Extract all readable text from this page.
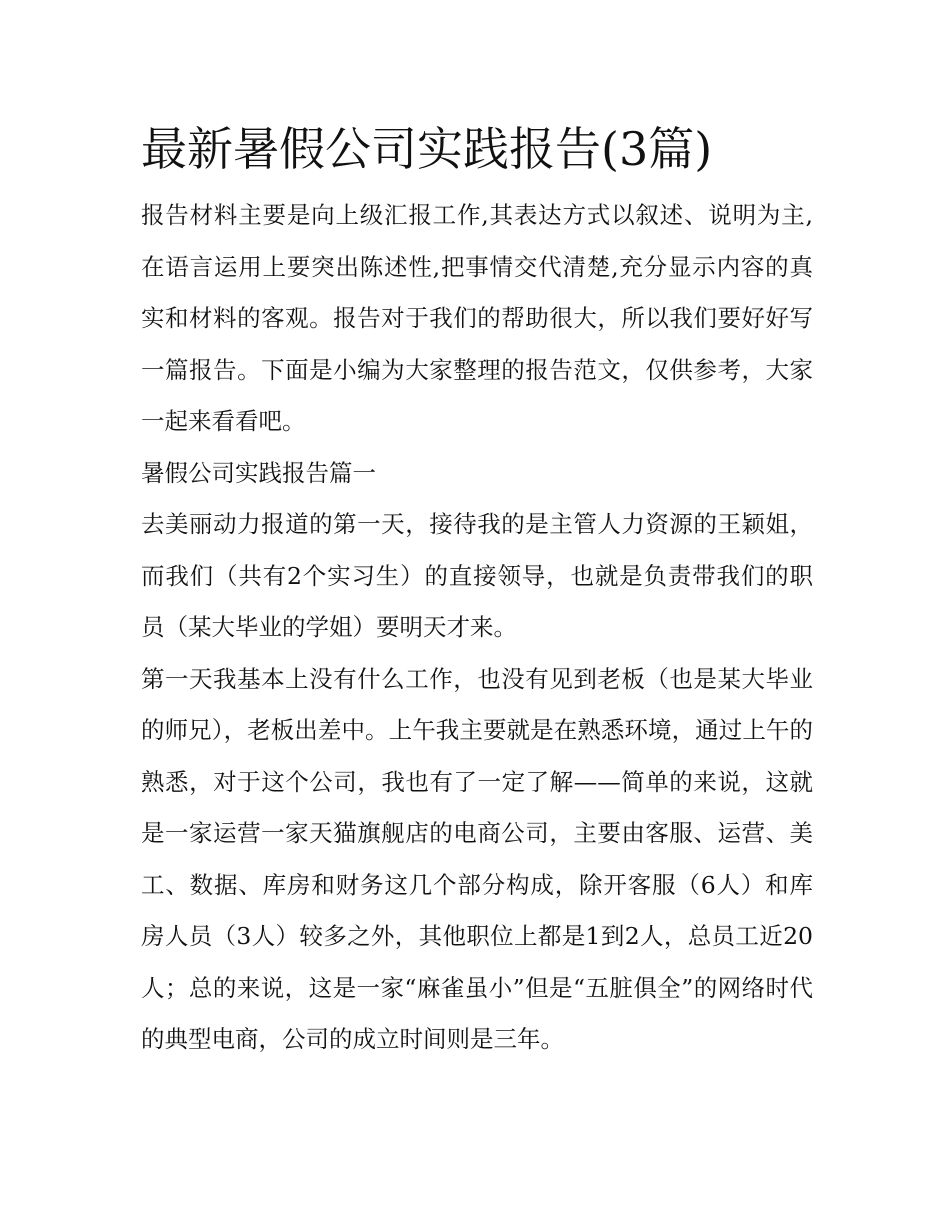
最新暑假公司实践报告(3篇)

报告材料主要是向上级汇报工作,其表达方式以叙述、说明为主,在语言运用上要突出陈述性,把事情交代清楚,充分显示内容的真实和材料的客观。报告对于我们的帮助很大，所以我们要好好写一篇报告。下面是小编为大家整理的报告范文，仅供参考，大家一起来看看吧。

暑假公司实践报告篇一

去美丽动力报道的第一天，接待我的是主管人力资源的王颖姐，而我们（共有2个实习生）的直接领导，也就是负责带我们的职员（某大毕业的学姐）要明天才来。

第一天我基本上没有什么工作，也没有见到老板（也是某大毕业的师兄），老板出差中。上午我主要就是在熟悉环境，通过上午的熟悉，对于这个公司，我也有了一定了解——简单的来说，这就是一家运营一家天猫旗舰店的电商公司，主要由客服、运营、美工、数据、库房和财务这几个部分构成，除开客服（6人）和库房人员（3人）较多之外，其他职位上都是1到2人，总员工近20人；总的来说，这是一家“麻雀虽小”但是“五脏俱全”的网络时代的典型电商，公司的成立时间则是三年。
